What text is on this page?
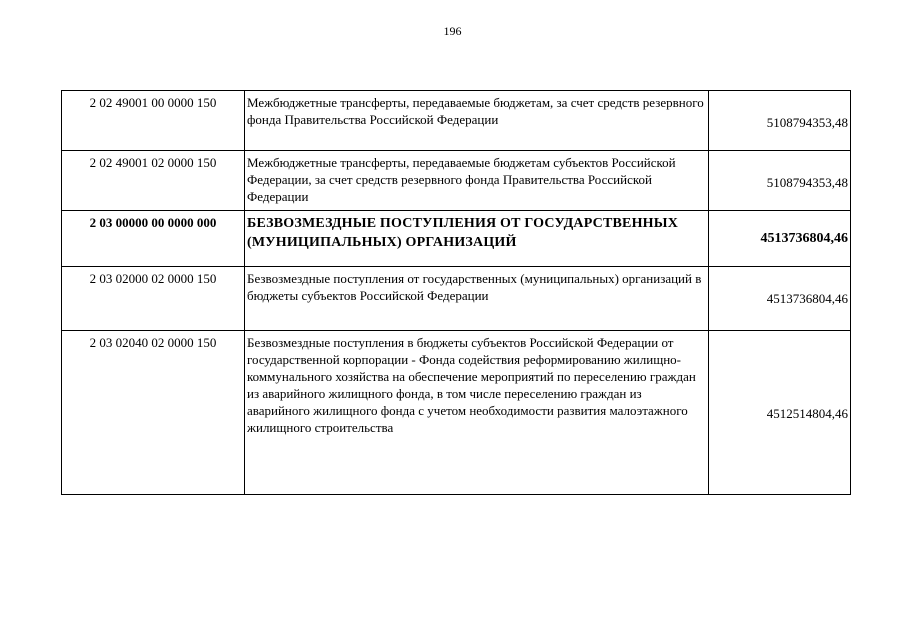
196
2 02 49001 00 0000 150	Межбюджетные трансферты, передаваемые бюджетам, за счет средств резервного фонда Правительства Российской Федерации	5108794353,48
2 02 49001 02 0000 150	Межбюджетные трансферты, передаваемые бюджетам субъектов Российской Федерации, за счет средств резервного фонда Правительства Российской Федерации	5108794353,48
2 03 00000 00 0000 000	БЕЗВОЗМЕЗДНЫЕ ПОСТУПЛЕНИЯ ОТ ГОСУДАРСТВЕННЫХ (МУНИЦИПАЛЬНЫХ) ОРГАНИЗАЦИЙ	4513736804,46
2 03 02000 02 0000 150	Безвозмездные поступления от государственных (муниципальных) организаций в бюджеты субъектов Российской Федерации	4513736804,46
2 03 02040 02 0000 150	Безвозмездные поступления в бюджеты субъектов Российской Федерации от государственной корпорации - Фонда содействия реформированию жилищно-коммунального хозяйства на обеспечение мероприятий по переселению граждан из аварийного жилищного фонда, в том числе переселению граждан из аварийного жилищного фонда с учетом необходимости развития малоэтажного жилищного строительства	4512514804,46
